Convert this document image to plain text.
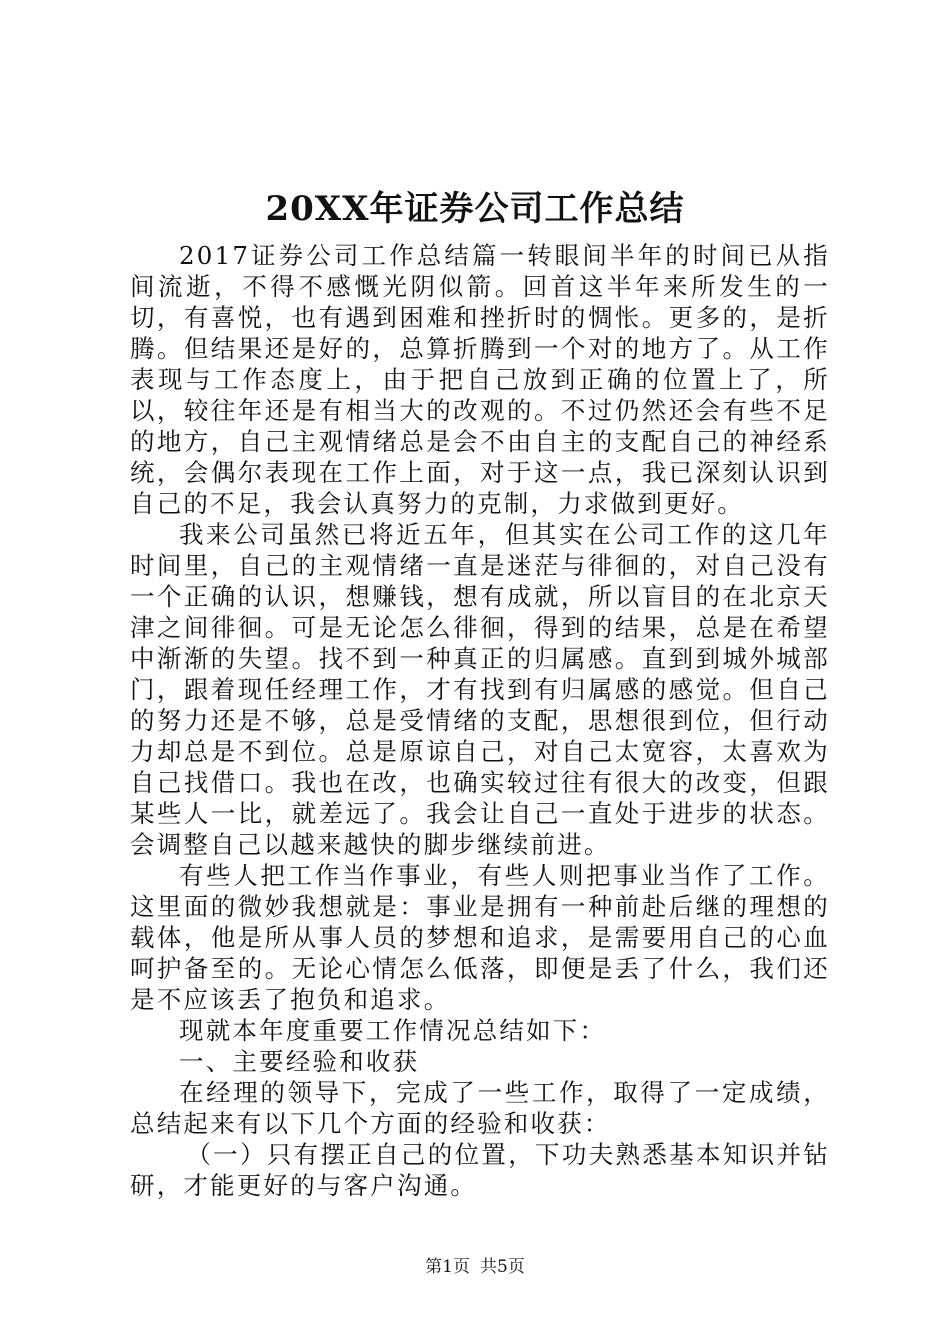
20XX年证券公司工作总结

2017证券公司工作总结篇一转眼间半年的时间已从指间流逝，不得不感慨光阴似箭。回首这半年来所发生的一切，有喜悦，也有遇到困难和挫折时的惆怅。更多的，是折腾。但结果还是好的，总算折腾到一个对的地方了。从工作表现与工作态度上，由于把自己放到正确的位置上了，所以，较往年还是有相当大的改观的。不过仍然还会有些不足的地方，自己主观情绪总是会不由自主的支配自己的神经系统，会偶尔表现在工作上面，对于这一点，我已深刻认识到自己的不足，我会认真努力的克制，力求做到更好。

我来公司虽然已将近五年，但其实在公司工作的这几年时间里，自己的主观情绪一直是迷茫与徘徊的，对自己没有一个正确的认识，想赚钱，想有成就，所以盲目的在北京天津之间徘徊。可是无论怎么徘徊，得到的结果，总是在希望中渐渐的失望。找不到一种真正的归属感。直到到城外城部门，跟着现任经理工作，才有找到有归属感的感觉。但自己的努力还是不够，总是受情绪的支配，思想很到位，但行动力却总是不到位。总是原谅自己，对自己太宽容，太喜欢为自己找借口。我也在改，也确实较过往有很大的改变，但跟某些人一比，就差远了。我会让自己一直处于进步的状态。会调整自己以越来越快的脚步继续前进。

有些人把工作当作事业，有些人则把事业当作了工作。这里面的微妙我想就是：事业是拥有一种前赴后继的理想的载体，他是所从事人员的梦想和追求，是需要用自己的心血呵护备至的。无论心情怎么低落，即便是丢了什么，我们还是不应该丢了抱负和追求。

现就本年度重要工作情况总结如下：

一、主要经验和收获

在经理的领导下，完成了一些工作，取得了一定成绩，总结起来有以下几个方面的经验和收获：

（一）只有摆正自己的位置，下功夫熟悉基本知识并钻研，才能更好的与客户沟通。

第1页 共5页
